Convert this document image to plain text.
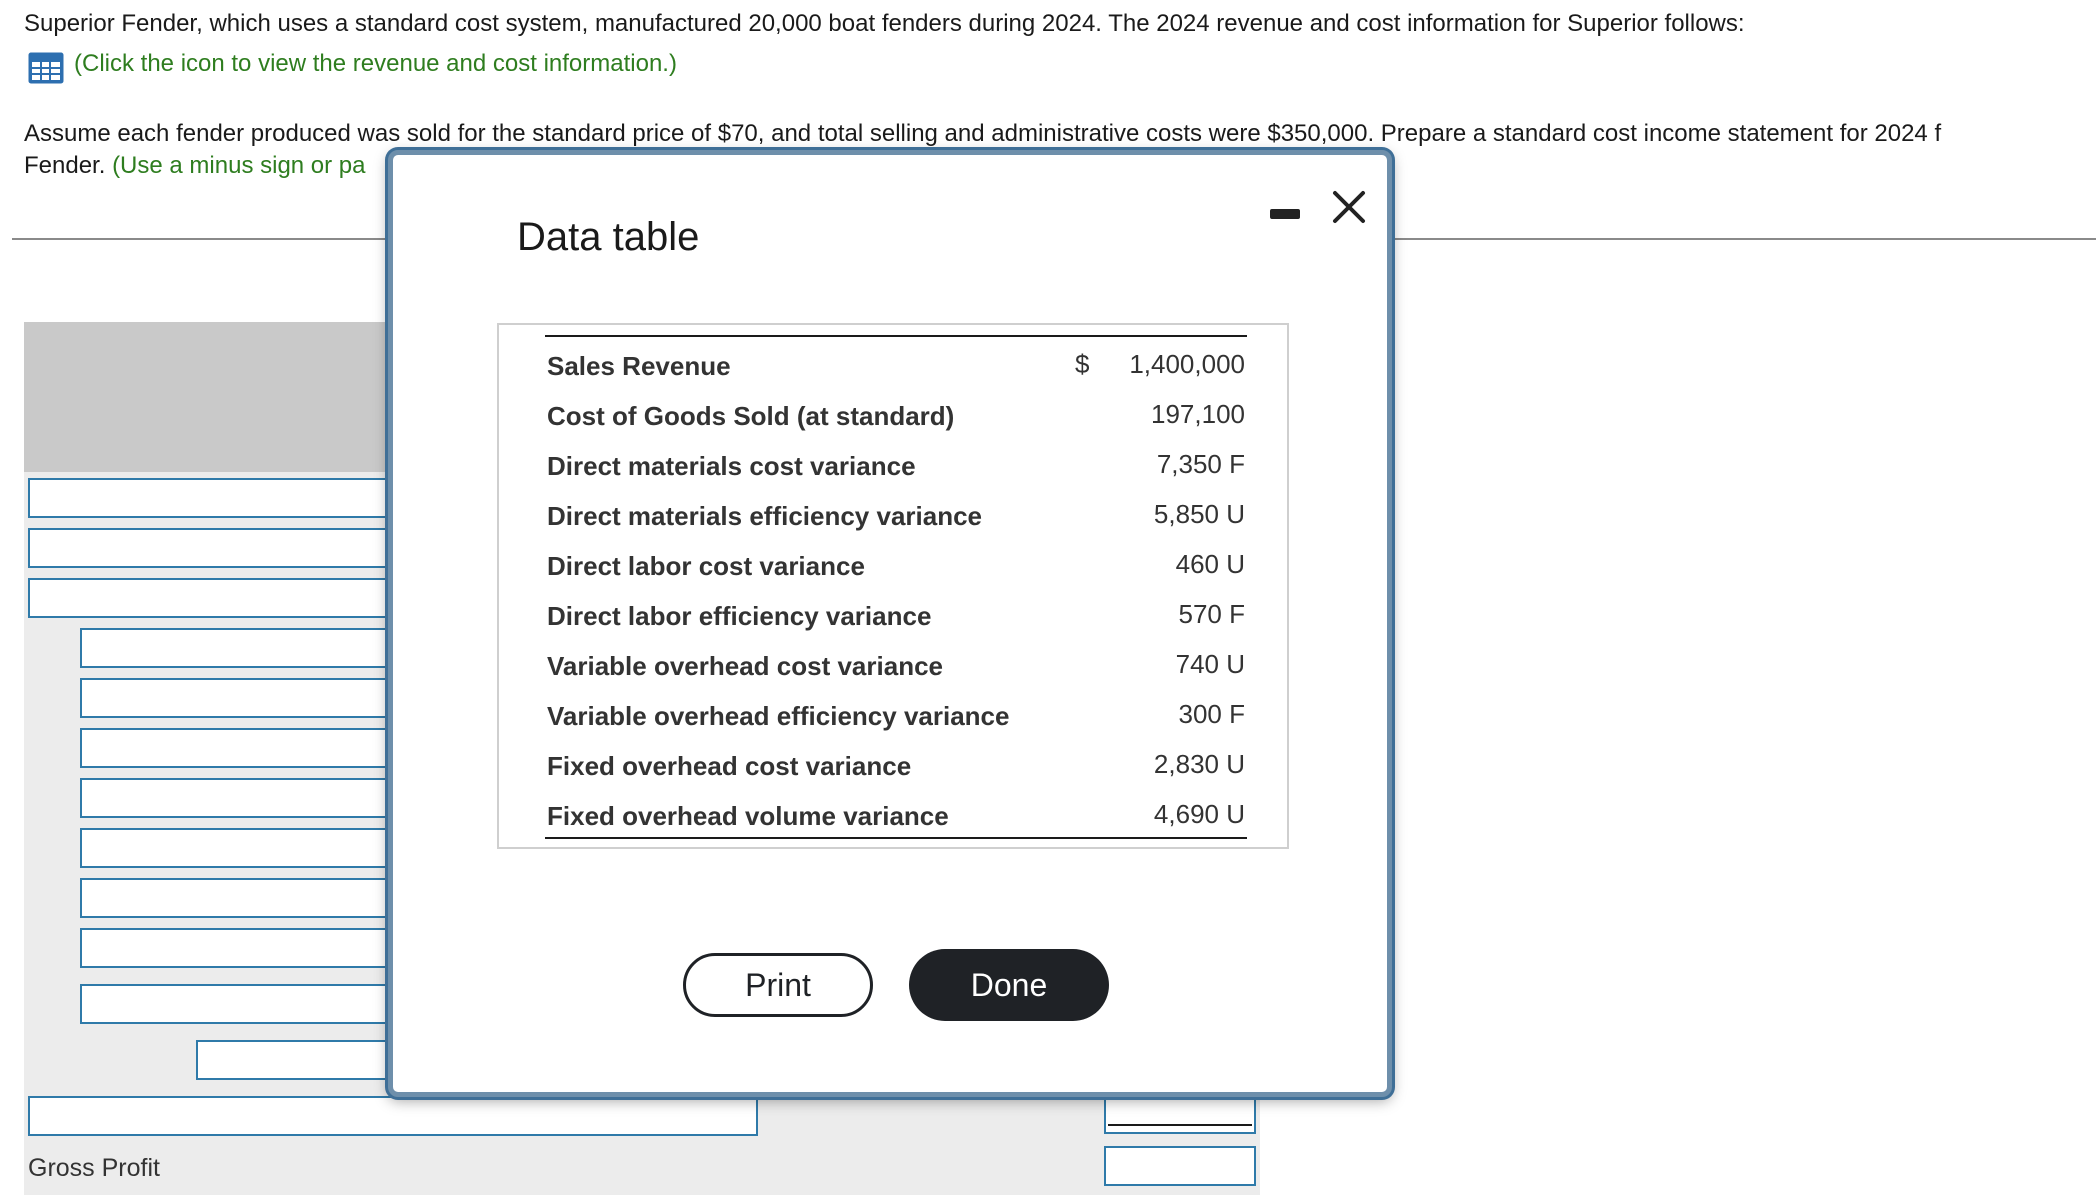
Superior Fender, which uses a standard cost system, manufactured 20,000 boat fenders during 2024. The 2024 revenue and cost information for Superior follows:
(Click the icon to view the revenue and cost information.)
Assume each fender produced was sold for the standard price of $70, and total selling and administrative costs were $350,000. Prepare a standard cost income statement for 2024 f
Fender. (Use a minus sign or pa
Gross Profit
Data table
Sales Revenue	$ 1,400,000
Cost of Goods Sold (at standard)	197,100
Direct materials cost variance	7,350 F
Direct materials efficiency variance	5,850 U
Direct labor cost variance	460 U
Direct labor efficiency variance	570 F
Variable overhead cost variance	740 U
Variable overhead efficiency variance	300 F
Fixed overhead cost variance	2,830 U
Fixed overhead volume variance	4,690 U
Print	Done
